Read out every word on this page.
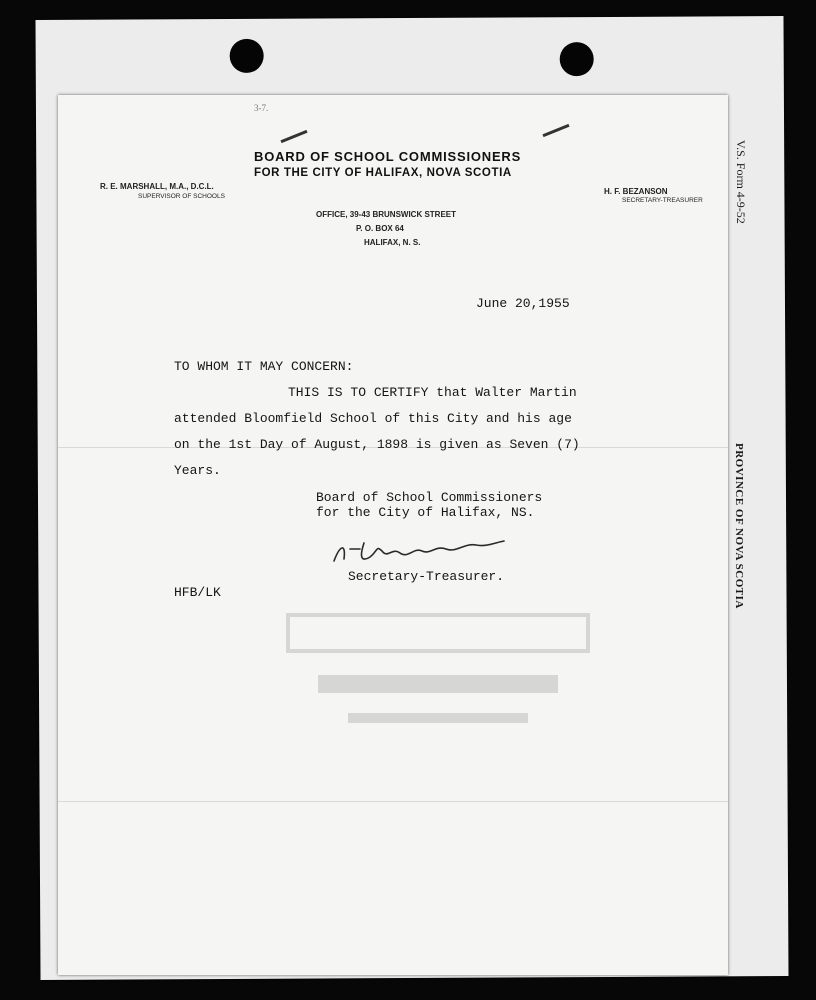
V.S. Form 4-9-52
PROVINCE OF NOVA SCOTIA
3-7.
BOARD OF SCHOOL COMMISSIONERS
FOR THE CITY OF HALIFAX, NOVA SCOTIA
R. E. MARSHALL, M.A., D.C.L.
SUPERVISOR OF SCHOOLS
H. F. BEZANSON
SECRETARY-TREASURER
OFFICE, 39-43 BRUNSWICK STREET
P. O. BOX 64
HALIFAX, N. S.
June 20,1955
TO WHOM IT MAY CONCERN:
THIS IS TO CERTIFY that Walter Martin
attended Bloomfield School of this City and his age
on the 1st Day of August, 1898 is given as Seven (7)
Years.
Board of School Commissioners
for the City of Halifax, NS.
Secretary-Treasurer.
HFB/LK
